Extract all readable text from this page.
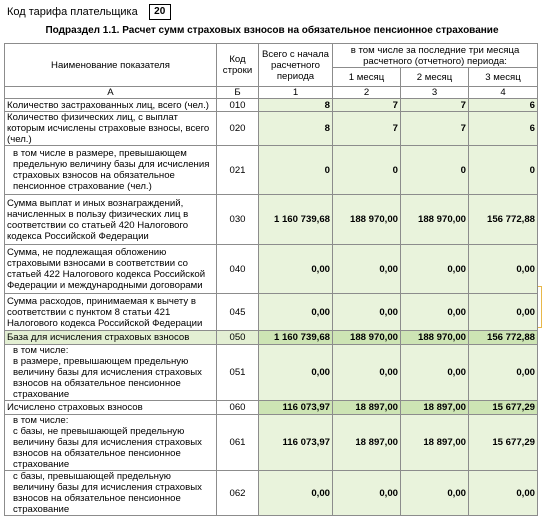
Код тарифа плательщика	20
Подраздел 1.1. Расчет сумм страховых взносов на обязательное пенсионное страхование
Наименование показателя	Код строки	Всего с начала расчетного периода	в том числе за последние три месяца расчетного (отчетного) периода:		
			1 месяц	2 месяц	3 месяц
А	Б	1	2	3	4
Количество застрахованных лиц, всего (чел.)	010	8	7	7	6
Количество физических лиц, с выплат которым исчислены страховые взносы, всего (чел.)	020	8	7	7	6
в том числе в размере, превышающем предельную величину базы для исчисления страховых взносов на обязательное пенсионное страхование (чел.)	021	0	0	0	0
Сумма выплат и иных вознаграждений, начисленных в пользу физических лиц в соответствии со статьей 420 Налогового кодекса Российской Федерации	030	1 160 739,68	188 970,00	188 970,00	156 772,88
Сумма, не подлежащая обложению страховыми взносами в соответствии со статьей 422 Налогового кодекса Российской Федерации и международными договорами	040	0,00	0,00	0,00	0,00
Сумма расходов, принимаемая к вычету в соответствии с пунктом 8 статьи 421 Налогового кодекса Российской Федерации	045	0,00	0,00	0,00	0,00
База для исчисления страховых взносов	050	1 160 739,68	188 970,00	188 970,00	156 772,88
в том числе:
в размере, превышающем предельную величину базы для исчисления страховых взносов на обязательное пенсионное страхование	051	0,00	0,00	0,00	0,00
Исчислено страховых взносов	060	116 073,97	18 897,00	18 897,00	15 677,29
в том числе:
с базы, не превышающей предельную величину базы для исчисления страховых взносов на обязательное пенсионное страхование	061	116 073,97	18 897,00	18 897,00	15 677,29
с базы, превышающей предельную величину базы для исчисления страховых взносов на обязательное пенсионное страхование	062	0,00	0,00	0,00	0,00
